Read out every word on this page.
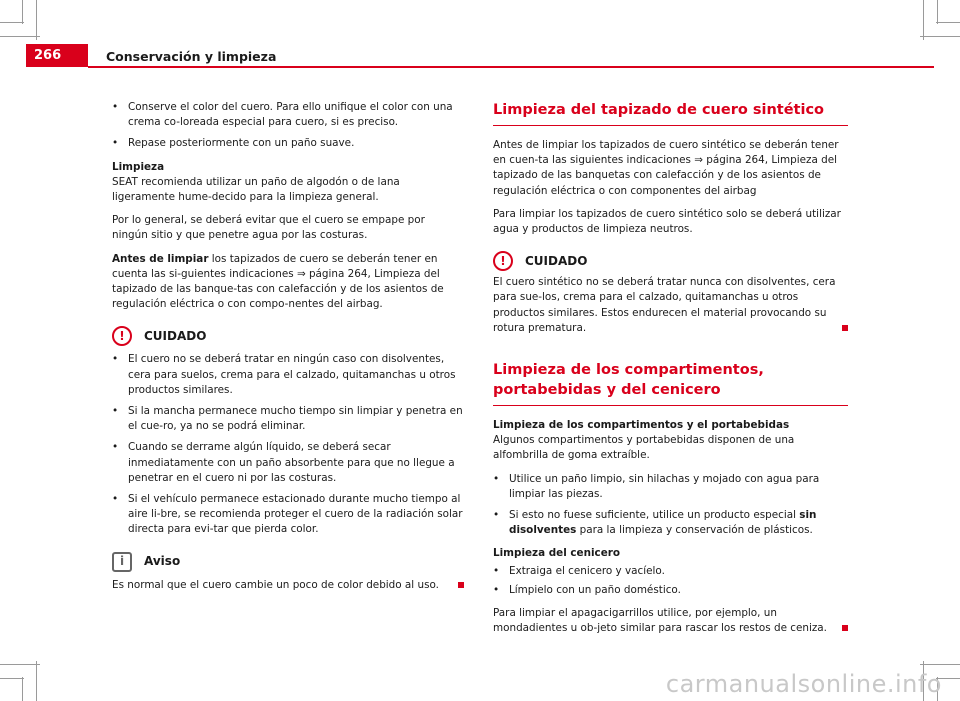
266	Conservación y limpieza
• Conserve el color del cuero. Para ello unifique el color con una crema co-loreada especial para cuero, si es preciso.
• Repase posteriormente con un paño suave.

Limpieza

SEAT recomienda utilizar un paño de algodón o de lana ligeramente hume-decido para la limpieza general.

Por lo general, se deberá evitar que el cuero se empape por ningún sitio y que penetre agua por las costuras.

Antes de limpiar los tapizados de cuero se deberán tener en cuenta las si-guientes indicaciones ⇒ página 264, Limpieza del tapizado de las banque-tas con calefacción y de los asientos de regulación eléctrica o con compo-nentes del airbag.

!	CUIDADO
• El cuero no se deberá tratar en ningún caso con disolventes, cera para suelos, crema para el calzado, quitamanchas u otros productos similares.
• Si la mancha permanece mucho tiempo sin limpiar y penetra en el cue-ro, ya no se podrá eliminar.
• Cuando se derrame algún líquido, se deberá secar inmediatamente con un paño absorbente para que no llegue a penetrar en el cuero ni por las costuras.
• Si el vehículo permanece estacionado durante mucho tiempo al aire li-bre, se recomienda proteger el cuero de la radiación solar directa para evi-tar que pierda color.
i	Aviso

Es normal que el cuero cambie un poco de color debido al uso.

Limpieza del tapizado de cuero sintético

Antes de limpiar los tapizados de cuero sintético se deberán tener en cuen-ta las siguientes indicaciones ⇒ página 264, Limpieza del tapizado de las banquetas con calefacción y de los asientos de regulación eléctrica o con componentes del airbag

Para limpiar los tapizados de cuero sintético solo se deberá utilizar agua y productos de limpieza neutros.

!	CUIDADO

El cuero sintético no se deberá tratar nunca con disolventes, cera para sue-los, crema para el calzado, quitamanchas u otros productos similares. Estos endurecen el material provocando su rotura prematura.

Limpieza de los compartimentos, portabebidas y del cenicero

Limpieza de los compartimentos y el portabebidas

Algunos compartimentos y portabebidas disponen de una alfombrilla de goma extraíble.

• Utilice un paño limpio, sin hilachas y mojado con agua para limpiar las piezas.
• Si esto no fuese suficiente, utilice un producto especial sin disolventes para la limpieza y conservación de plásticos.

Limpieza del cenicero

• Extraiga el cenicero y vacíelo.
• Límpielo con un paño doméstico.

Para limpiar el apagacigarrillos utilice, por ejemplo, un mondadientes u ob-jeto similar para rascar los restos de ceniza.

carmanualsonline.info
